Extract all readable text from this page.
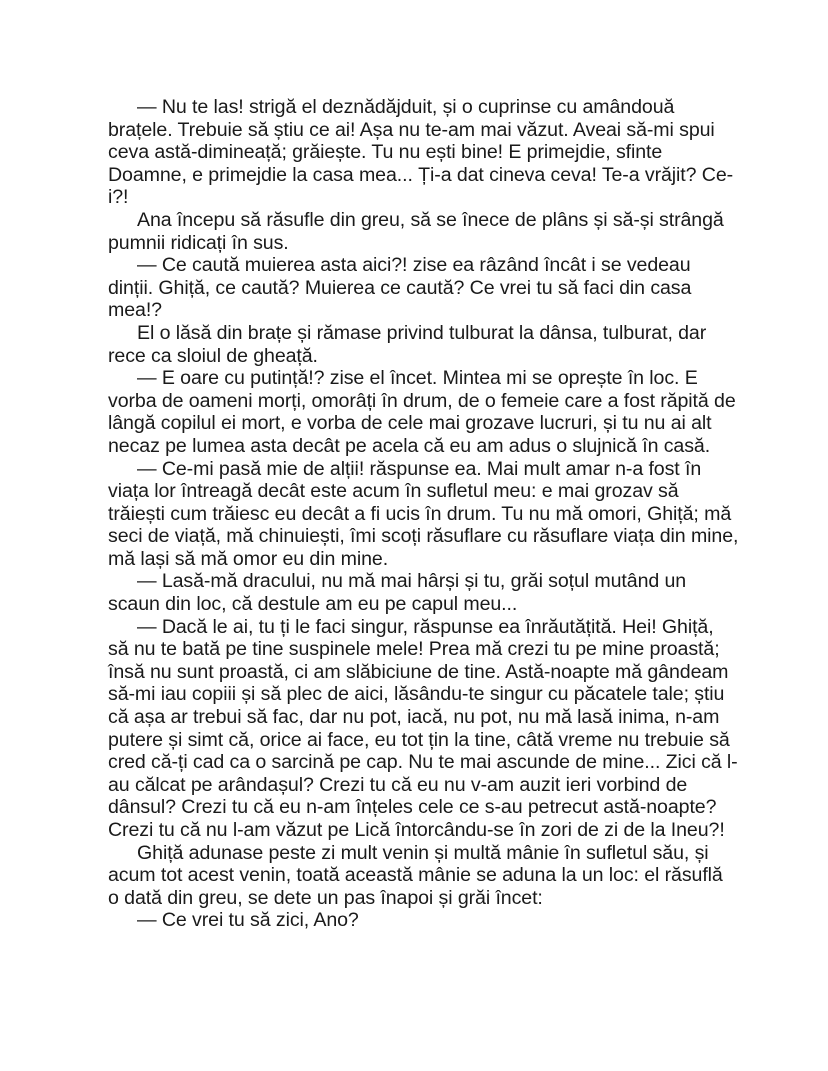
— Nu te las! strigă el deznădăjduit, și o cuprinse cu amândouă
brațele. Trebuie să știu ce ai! Așa nu te-am mai văzut. Aveai să-mi spui
ceva astă-dimineață; grăiește. Tu nu ești bine! E primejdie, sfinte
Doamne, e primejdie la casa mea... Ți-a dat cineva ceva! Te-a vrăjit? Ce-
i?!
Ana începu să răsufle din greu, să se înece de plâns și să-și strângă
pumnii ridicați în sus.
— Ce caută muierea asta aici?! zise ea râzând încât i se vedeau
dinții. Ghiță, ce caută? Muierea ce caută? Ce vrei tu să faci din casa
mea!?
El o lăsă din brațe și rămase privind tulburat la dânsa, tulburat, dar
rece ca sloiul de gheață.
— E oare cu putință!? zise el încet. Mintea mi se oprește în loc. E
vorba de oameni morți, omorâți în drum, de o femeie care a fost răpită de
lângă copilul ei mort, e vorba de cele mai grozave lucruri, și tu nu ai alt
necaz pe lumea asta decât pe acela că eu am adus o slujnică în casă.
— Ce-mi pasă mie de alții! răspunse ea. Mai mult amar n-a fost în
viața lor întreagă decât este acum în sufletul meu: e mai grozav să
trăiești cum trăiesc eu decât a fi ucis în drum. Tu nu mă omori, Ghiță; mă
seci de viață, mă chinuiești, îmi scoți răsuflare cu răsuflare viața din mine,
mă lași să mă omor eu din mine.
— Lasă-mă dracului, nu mă mai hârși și tu, grăi soțul mutând un
scaun din loc, că destule am eu pe capul meu...
— Dacă le ai, tu ți le faci singur, răspunse ea înrăutățită. Hei! Ghiță,
să nu te bată pe tine suspinele mele! Prea mă crezi tu pe mine proastă;
însă nu sunt proastă, ci am slăbiciune de tine. Astă-noapte mă gândeam
să-mi iau copiii și să plec de aici, lăsându-te singur cu păcatele tale; știu
că așa ar trebui să fac, dar nu pot, iacă, nu pot, nu mă lasă inima, n-am
putere și simt că, orice ai face, eu tot țin la tine, câtă vreme nu trebuie să
cred că-ți cad ca o sarcină pe cap. Nu te mai ascunde de mine... Zici că l-
au călcat pe arândașul? Crezi tu că eu nu v-am auzit ieri vorbind de
dânsul? Crezi tu că eu n-am înțeles cele ce s-au petrecut astă-noapte?
Crezi tu că nu l-am văzut pe Lică întorcându-se în zori de zi de la Ineu?!
Ghiță adunase peste zi mult venin și multă mânie în sufletul său, și
acum tot acest venin, toată această mânie se aduna la un loc: el răsuflă
o dată din greu, se dete un pas înapoi și grăi încet:
— Ce vrei tu să zici, Ano?
